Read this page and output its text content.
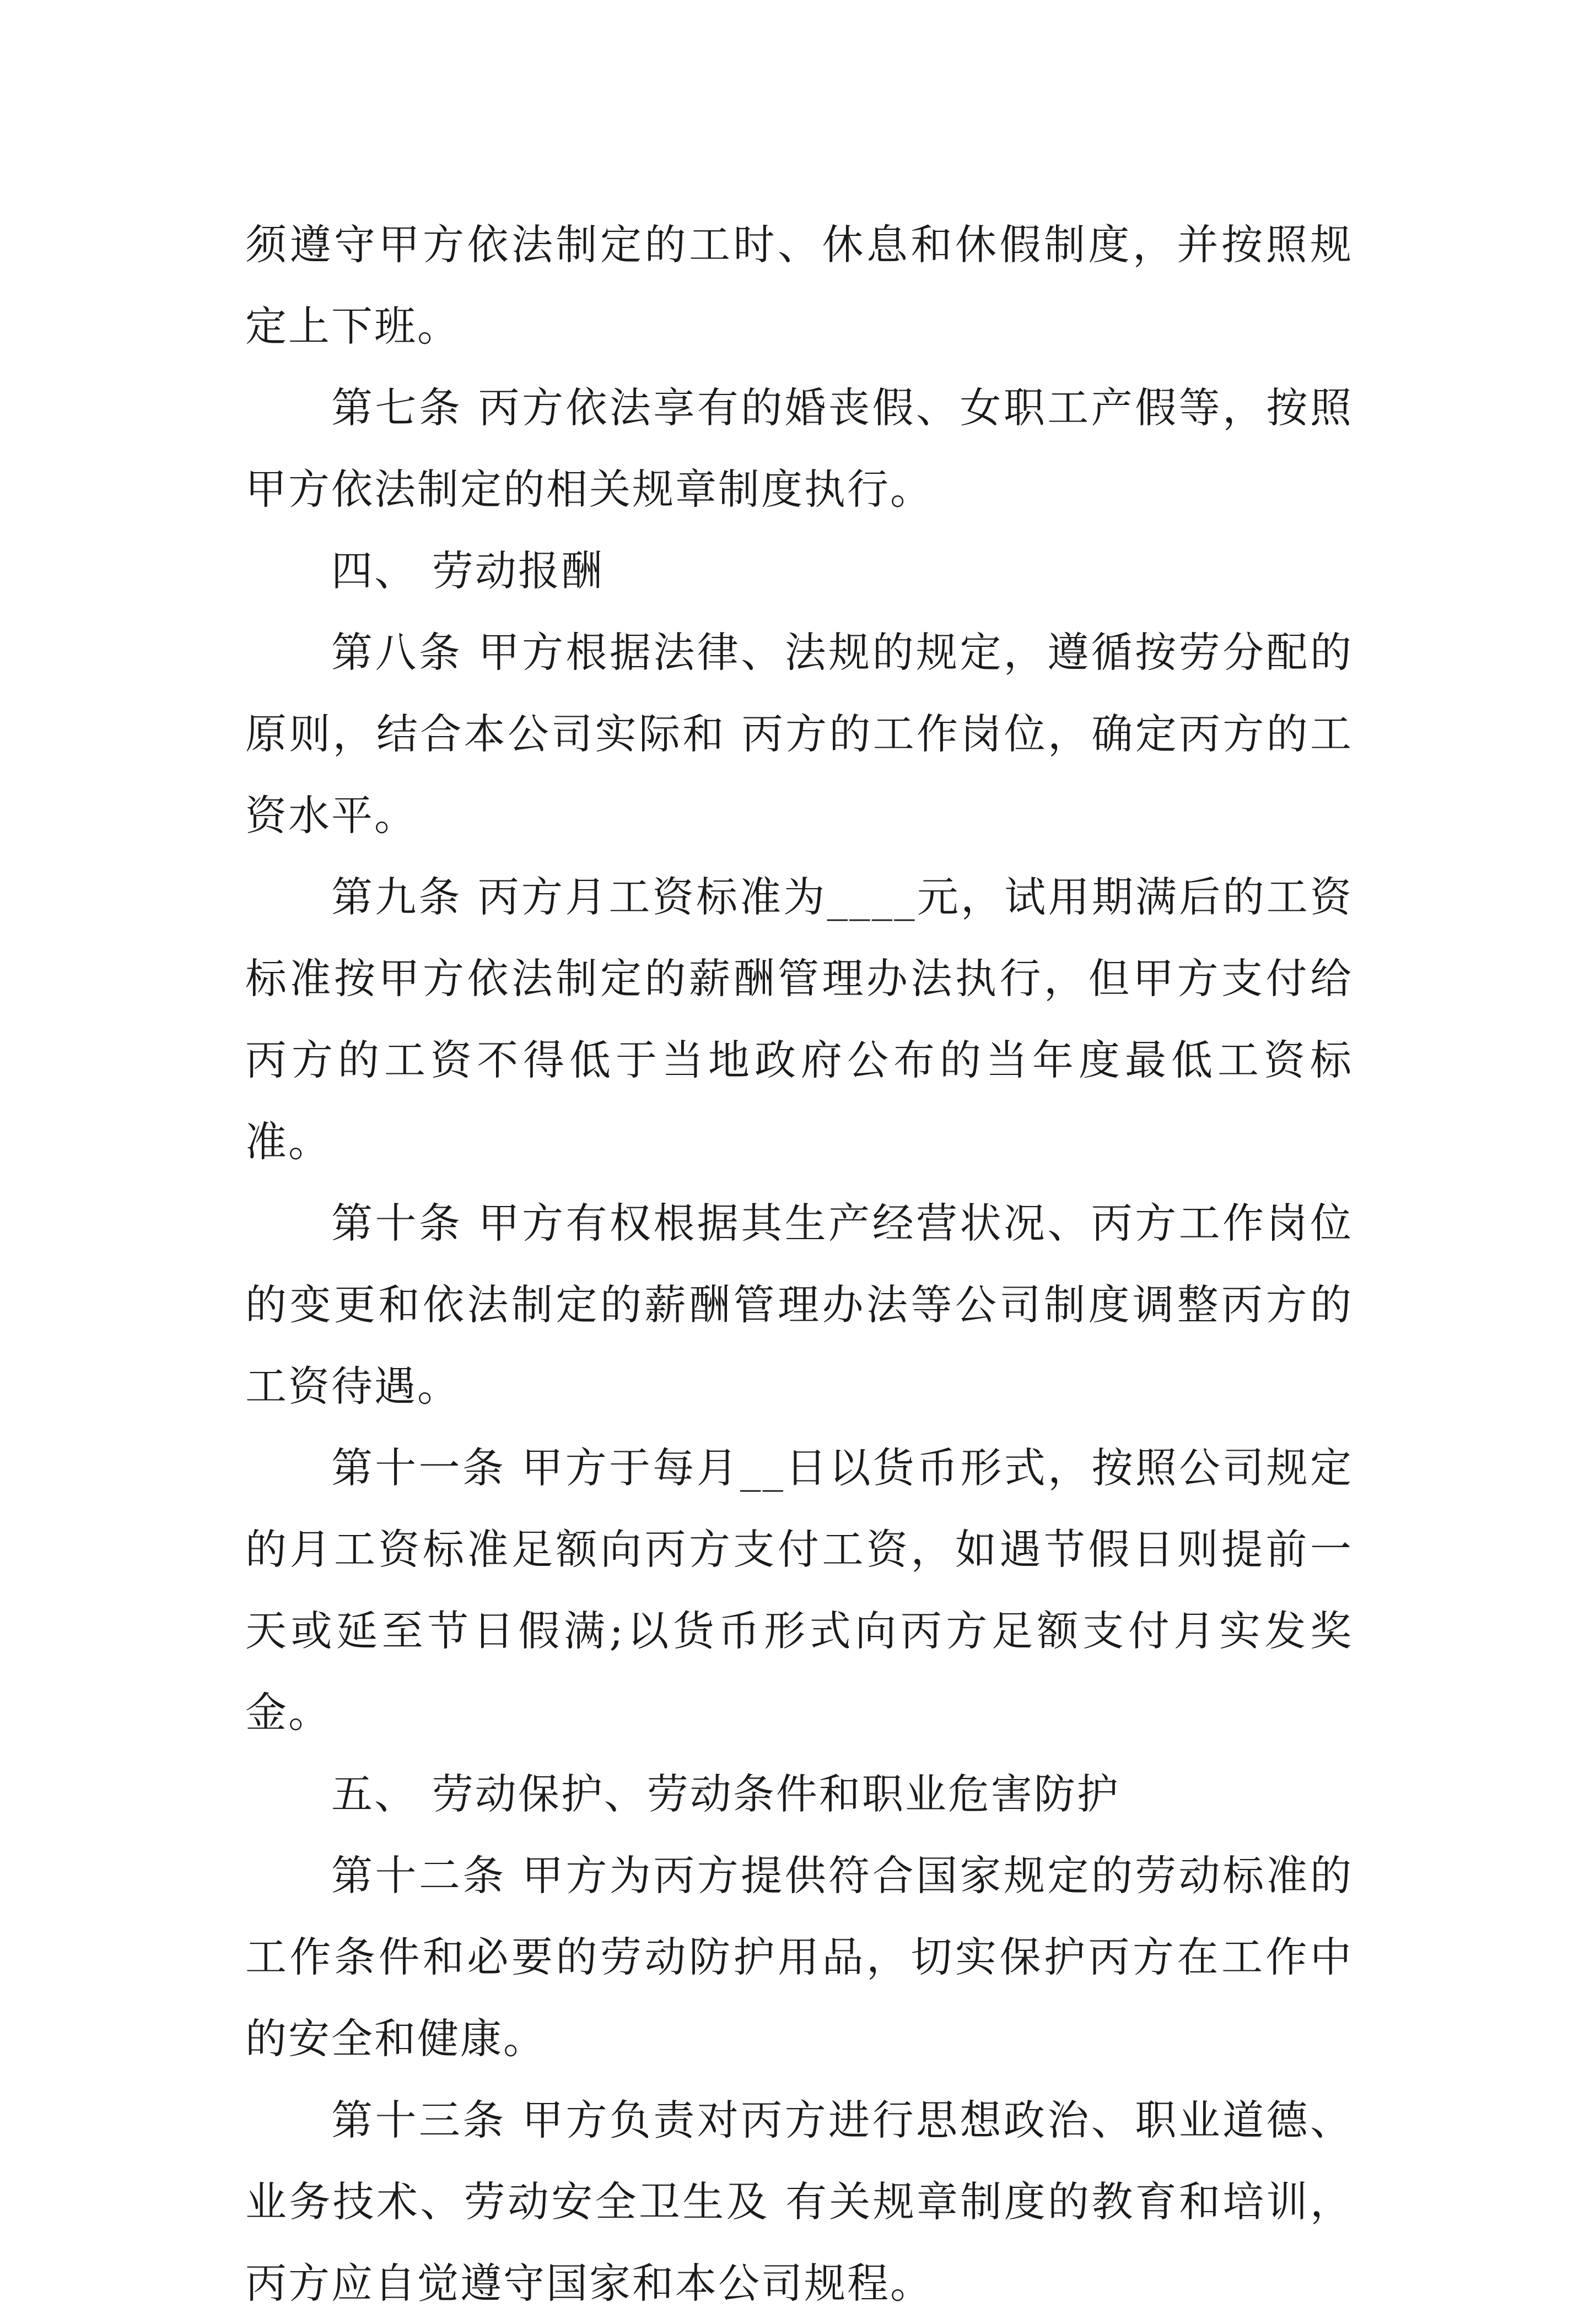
须遵守甲方依法制定的工时、休息和休假制度，并按照规定上下班。

第七条 丙方依法享有的婚丧假、女职工产假等，按照甲方依法制定的相关规章制度执行。

四、 劳动报酬

第八条 甲方根据法律、法规的规定，遵循按劳分配的原则，结合本公司实际和 丙方的工作岗位，确定丙方的工资水平。

第九条 丙方月工资标准为____元，试用期满后的工资标准按甲方依法制定的薪酬管理办法执行，但甲方支付给丙方的工资不得低于当地政府公布的当年度最低工资标准。

第十条 甲方有权根据其生产经营状况、丙方工作岗位的变更和依法制定的薪酬管理办法等公司制度调整丙方的工资待遇。

第十一条 甲方于每月__日以货币形式，按照公司规定的月工资标准足额向丙方支付工资，如遇节假日则提前一天或延至节日假满;以货币形式向丙方足额支付月实发奖金。

五、 劳动保护、劳动条件和职业危害防护

第十二条 甲方为丙方提供符合国家规定的劳动标准的工作条件和必要的劳动防护用品，切实保护丙方在工作中的安全和健康。

第十三条 甲方负责对丙方进行思想政治、职业道德、业务技术、劳动安全卫生及 有关规章制度的教育和培训，丙方应自觉遵守国家和本公司规程。
